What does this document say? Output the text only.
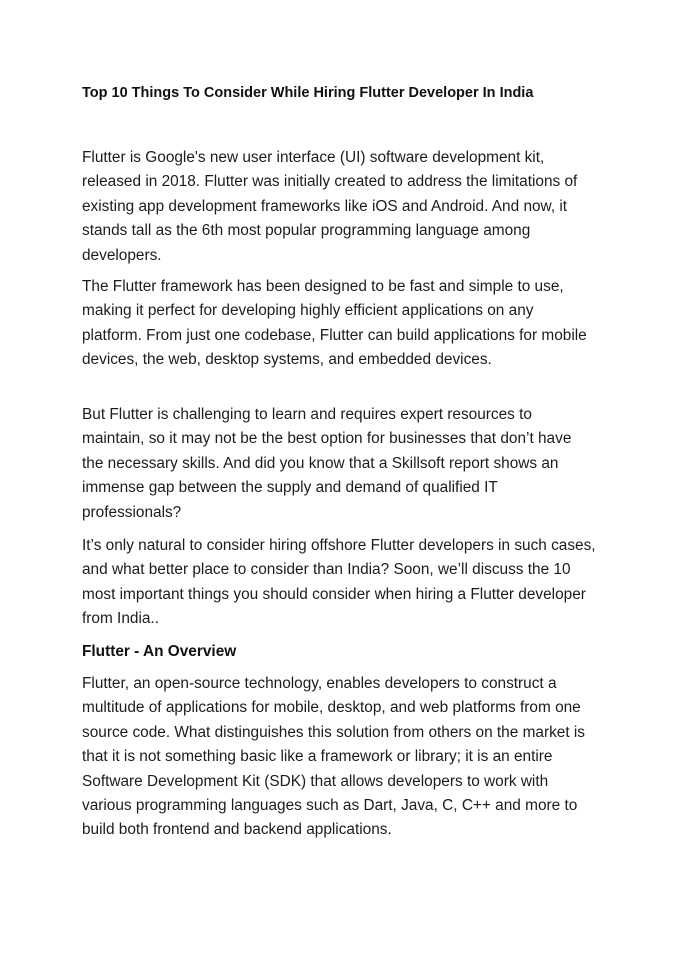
Top 10 Things To Consider While Hiring Flutter Developer In India

Flutter is Google's new user interface (UI) software development kit, released in 2018. Flutter was initially created to address the limitations of existing app development frameworks like iOS and Android. And now, it stands tall as the 6th most popular programming language among developers.

The Flutter framework has been designed to be fast and simple to use, making it perfect for developing highly efficient applications on any platform. From just one codebase, Flutter can build applications for mobile devices, the web, desktop systems, and embedded devices.

But Flutter is challenging to learn and requires expert resources to maintain, so it may not be the best option for businesses that don’t have the necessary skills. And did you know that a Skillsoft report shows an immense gap between the supply and demand of qualified IT professionals?

It’s only natural to consider hiring offshore Flutter developers in such cases, and what better place to consider than India? Soon, we’ll discuss the 10 most important things you should consider when hiring a Flutter developer from India..

Flutter - An Overview

Flutter, an open-source technology, enables developers to construct a multitude of applications for mobile, desktop, and web platforms from one source code. What distinguishes this solution from others on the market is that it is not something basic like a framework or library; it is an entire Software Development Kit (SDK) that allows developers to work with various programming languages such as Dart, Java, C, C++ and more to build both frontend and backend applications.
